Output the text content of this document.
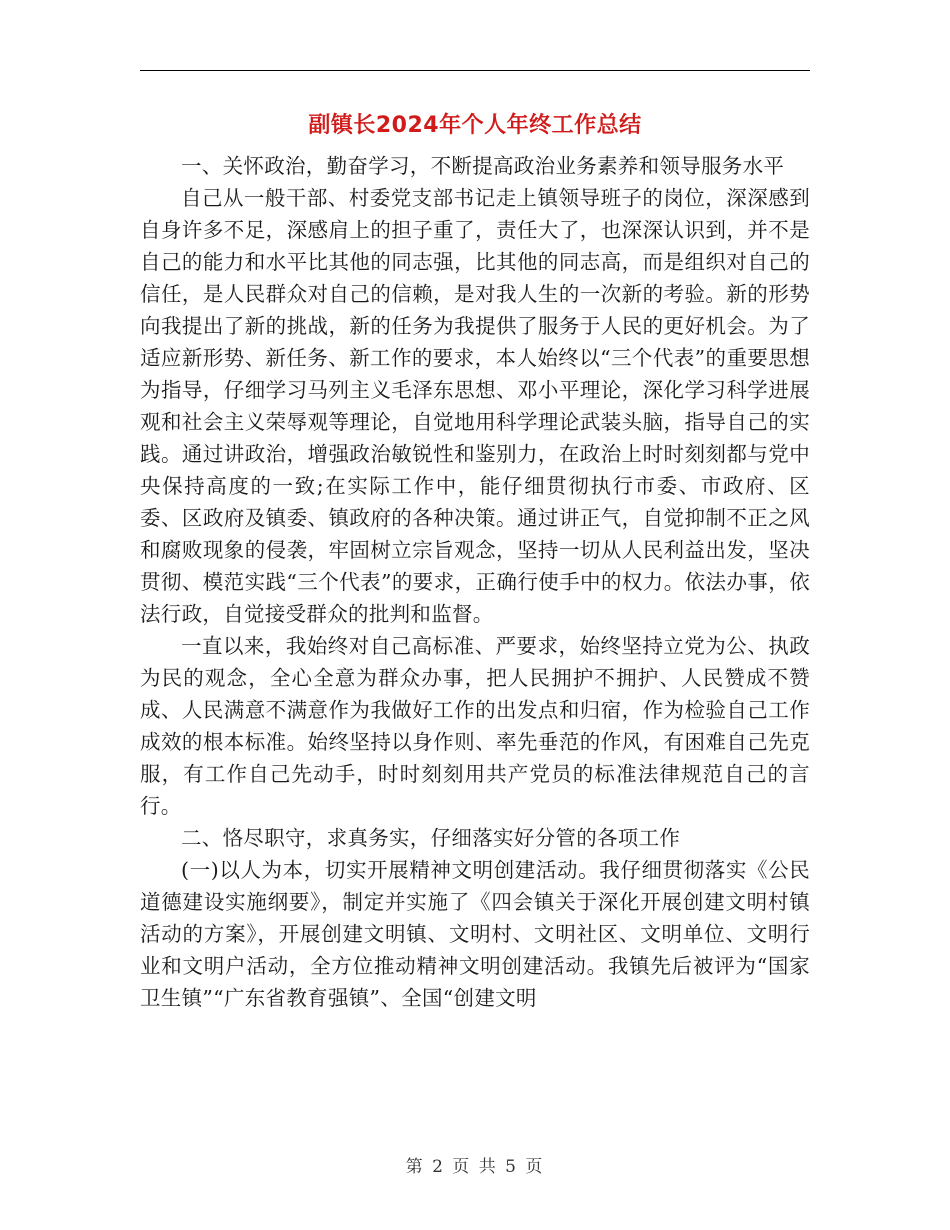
副镇长2024年个人年终工作总结

一、关怀政治，勤奋学习，不断提高政治业务素养和领导服务水平

自己从一般干部、村委党支部书记走上镇领导班子的岗位，深深感到自身许多不足，深感肩上的担子重了，责任大了，也深深认识到，并不是自己的能力和水平比其他的同志强，比其他的同志高，而是组织对自己的信任，是人民群众对自己的信赖，是对我人生的一次新的考验。新的形势向我提出了新的挑战，新的任务为我提供了服务于人民的更好机会。为了适应新形势、新任务、新工作的要求，本人始终以“三个代表”的重要思想为指导，仔细学习马列主义毛泽东思想、邓小平理论，深化学习科学进展观和社会主义荣辱观等理论，自觉地用科学理论武装头脑，指导自己的实践。通过讲政治，增强政治敏锐性和鉴别力，在政治上时时刻刻都与党中央保持高度的一致;在实际工作中，能仔细贯彻执行市委、市政府、区委、区政府及镇委、镇政府的各种决策。通过讲正气，自觉抑制不正之风和腐败现象的侵袭，牢固树立宗旨观念，坚持一切从人民利益出发，坚决贯彻、模范实践“三个代表”的要求，正确行使手中的权力。依法办事，依法行政，自觉接受群众的批判和监督。

一直以来，我始终对自己高标准、严要求，始终坚持立党为公、执政为民的观念，全心全意为群众办事，把人民拥护不拥护、人民赞成不赞成、人民满意不满意作为我做好工作的出发点和归宿，作为检验自己工作成效的根本标准。始终坚持以身作则、率先垂范的作风，有困难自己先克服，有工作自己先动手，时时刻刻用共产党员的标准法律规范自己的言行。

二、恪尽职守，求真务实，仔细落实好分管的各项工作

(一)以人为本，切实开展精神文明创建活动。我仔细贯彻落实《公民道德建设实施纲要》，制定并实施了《四会镇关于深化开展创建文明村镇活动的方案》，开展创建文明镇、文明村、文明社区、文明单位、文明行业和文明户活动，全方位推动精神文明创建活动。我镇先后被评为“国家卫生镇”“广东省教育强镇”、全国“创建文明

第 2 页 共 5 页
